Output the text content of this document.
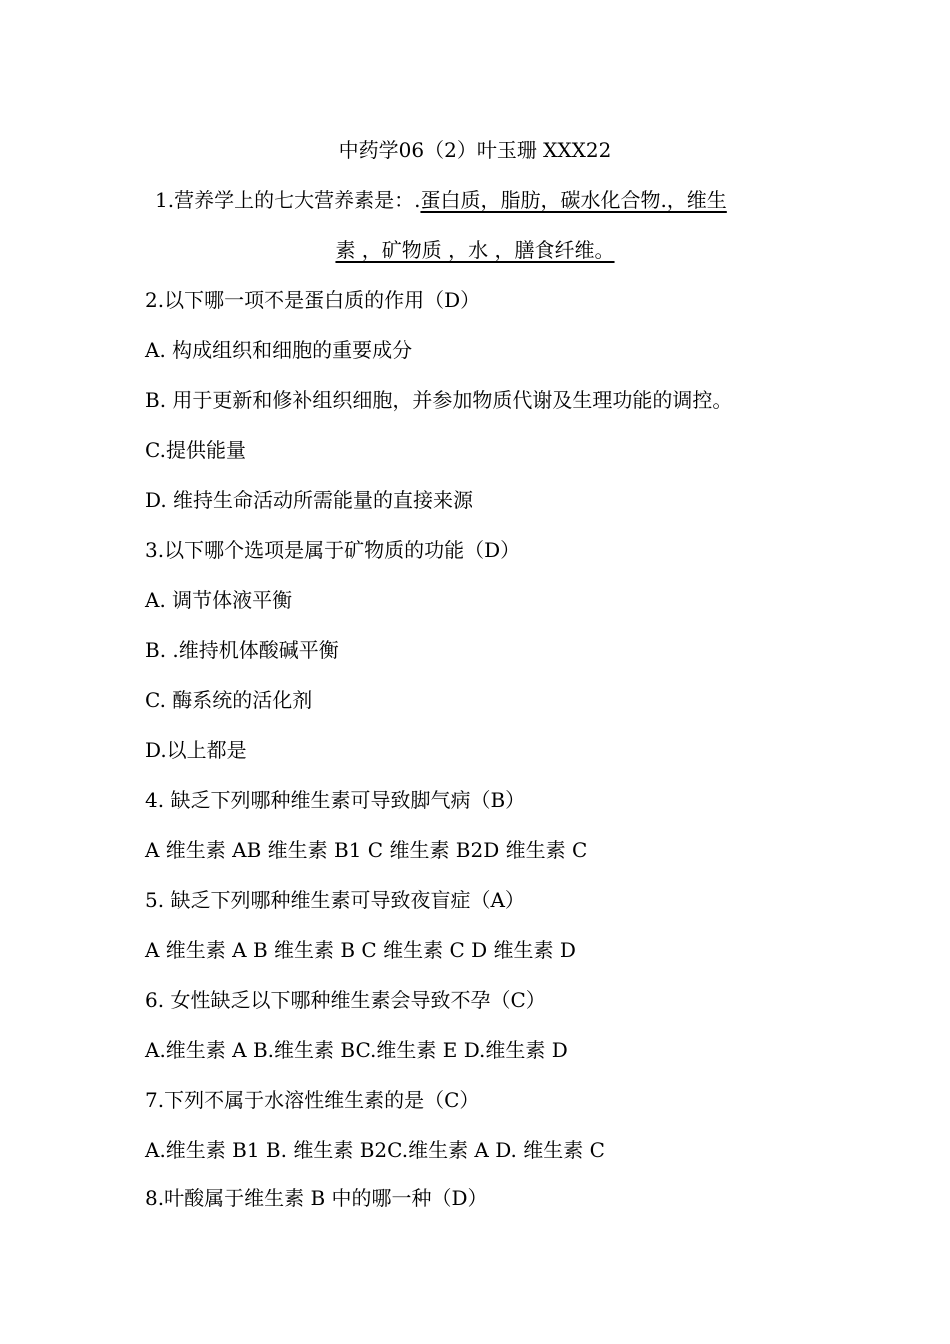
中药学06（2）叶玉珊 XXX22
1.营养学上的七大营养素是：.蛋白质，脂肪，碳水化合物.，维生
素 ，矿物质 ，水 ，膳食纤维。
2.以下哪一项不是蛋白质的作用（D）
A. 构成组织和细胞的重要成分
B. 用于更新和修补组织细胞，并参加物质代谢及生理功能的调控。
C.提供能量
D. 维持生命活动所需能量的直接来源
3.以下哪个选项是属于矿物质的功能（D）
A. 调节体液平衡
B. .维持机体酸碱平衡
C. 酶系统的活化剂
D.以上都是
4. 缺乏下列哪种维生素可导致脚气病（B）
A 维生素 AB 维生素 B1 C 维生素 B2D 维生素 C
5. 缺乏下列哪种维生素可导致夜盲症（A）
A 维生素 A B 维生素 B C 维生素 C D 维生素 D
6. 女性缺乏以下哪种维生素会导致不孕（C）
A.维生素 A B.维生素 BC.维生素 E D.维生素 D
7.下列不属于水溶性维生素的是（C）
A.维生素 B1 B. 维生素 B2C.维生素 A D. 维生素 C
8.叶酸属于维生素 B 中的哪一种（D）
